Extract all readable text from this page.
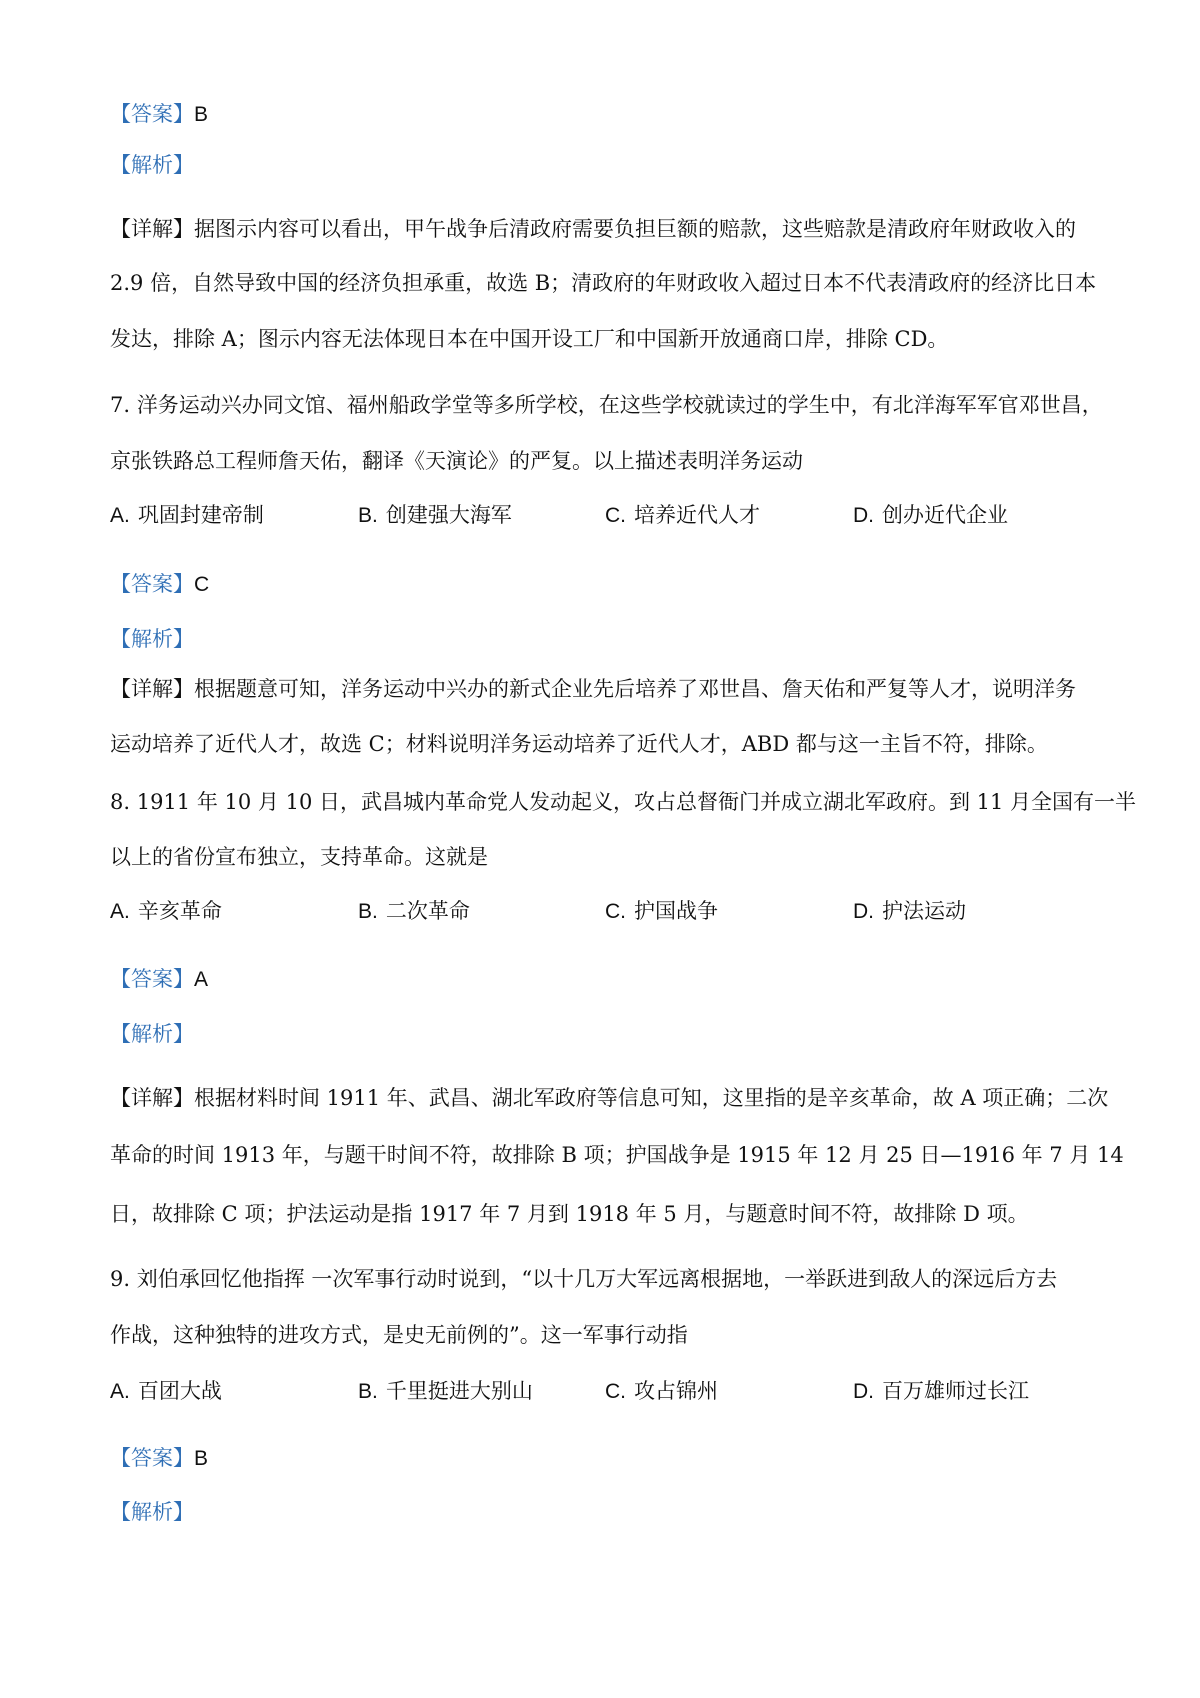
【答案】B
【解析】
【详解】据图示内容可以看出，甲午战争后清政府需要负担巨额的赔款，这些赔款是清政府年财政收入的
2.9 倍，自然导致中国的经济负担承重，故选 B；清政府的年财政收入超过日本不代表清政府的经济比日本
发达，排除 A；图示内容无法体现日本在中国开设工厂和中国新开放通商口岸，排除 CD。
7. 洋务运动兴办同文馆、福州船政学堂等多所学校，在这些学校就读过的学生中，有北洋海军军官邓世昌，
京张铁路总工程师詹天佑，翻译《天演论》的严复。以上描述表明洋务运动
A. 巩固封建帝制	B. 创建强大海军	C. 培养近代人才	D. 创办近代企业
【答案】C
【解析】
【详解】根据题意可知，洋务运动中兴办的新式企业先后培养了邓世昌、詹天佑和严复等人才，说明洋务
运动培养了近代人才，故选 C；材料说明洋务运动培养了近代人才，ABD 都与这一主旨不符，排除。
8. 1911 年 10 月 10 日，武昌城内革命党人发动起义，攻占总督衙门并成立湖北军政府。到 11 月全国有一半
以上的省份宣布独立，支持革命。这就是
A. 辛亥革命	B. 二次革命	C. 护国战争	D. 护法运动
【答案】A
【解析】
【详解】根据材料时间 1911 年、武昌、湖北军政府等信息可知，这里指的是辛亥革命，故 A 项正确；二次
革命的时间 1913 年，与题干时间不符，故排除 B 项；护国战争是 1915 年 12 月 25 日—1916 年 7 月 14
日，故排除 C 项；护法运动是指 1917 年 7 月到 1918 年 5 月，与题意时间不符，故排除 D 项。
9. 刘伯承回忆他指挥 一次军事行动时说到，“以十几万大军远离根据地，一举跃进到敌人的深远后方去
作战，这种独特的进攻方式，是史无前例的”。这一军事行动指
A. 百团大战	B. 千里挺进大别山	C. 攻占锦州	D. 百万雄师过长江
【答案】B
【解析】
